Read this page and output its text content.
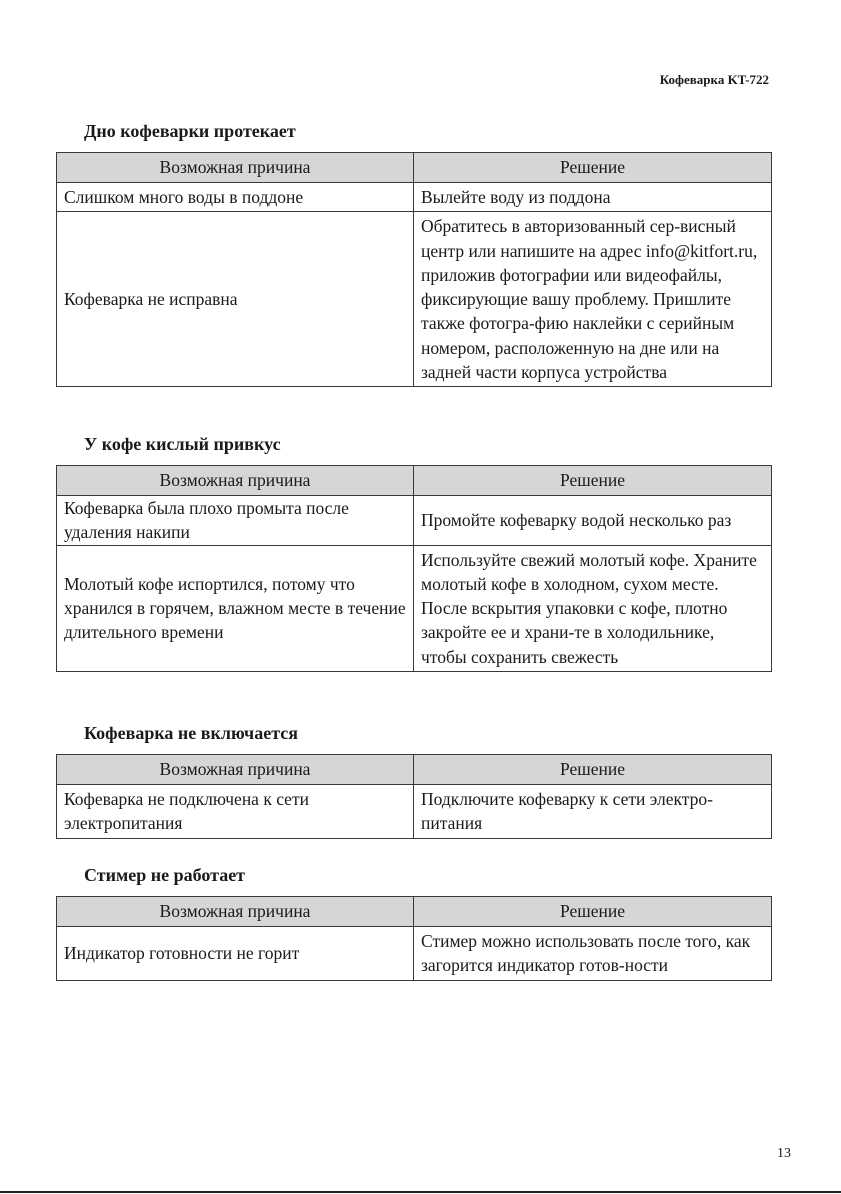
Кофеварка KT-722
Дно кофеварки протекает
Возможная причина	Решение
Слишком много воды в поддоне	Вылейте воду из поддона
Кофеварка не исправна	Обратитесь в авторизованный сер-висный центр или напишите на адрес info@kitfort.ru, приложив фотографии или видеофайлы, фиксирующие вашу проблему. Пришлите также фотогра-фию наклейки с серийным номером, расположенную на дне или на задней части корпуса устройства
У кофе кислый привкус
Возможная причина	Решение
Кофеварка была плохо промыта после удаления накипи	Промойте кофеварку водой несколько раз
Молотый кофе испортился, потому что хранился в горячем, влажном месте в течение длительного времени	Используйте свежий молотый кофе. Храните молотый кофе в холодном, сухом месте. После вскрытия упаковки с кофе, плотно закройте ее и храни-те в холодильнике, чтобы сохранить свежесть
Кофеварка не включается
Возможная причина	Решение
Кофеварка не подключена к сети электропитания	Подключите кофеварку к сети электро-питания
Стимер не работает
Возможная причина	Решение
Индикатор готовности не горит	Стимер можно использовать после того, как загорится индикатор готов-ности
13
